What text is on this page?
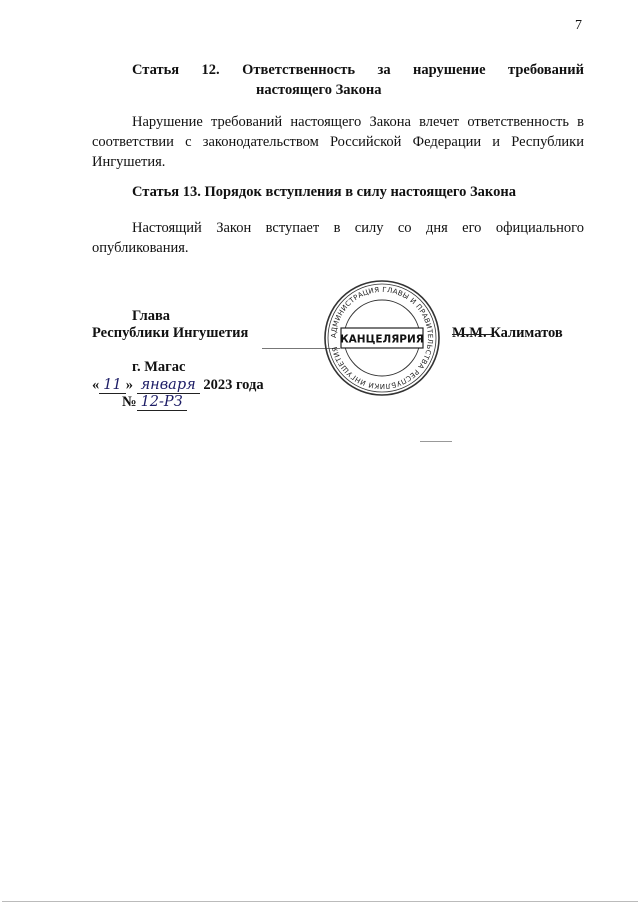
7
Статья 12. Ответственность за нарушение требований
настоящего Закона

Нарушение требований настоящего Закона влечет ответственность в соответствии с законодательством Российской Федерации и Республики Ингушетия.

Статья 13. Порядок вступления в силу настоящего Закона

Настоящий Закон вступает в силу со дня его официального опубликования.

Глава
Республики Ингушетия	АДМИНИСТРАЦИЯ ГЛАВЫ И ПРАВИТЕЛЬСТВА РЕСПУБЛИКИ ИНГУШЕТИЯ
КАНЦЕЛЯРИЯ М.М. Калиматов
г. Магас
« 11 » января 2023 года
№ 12-РЗ
